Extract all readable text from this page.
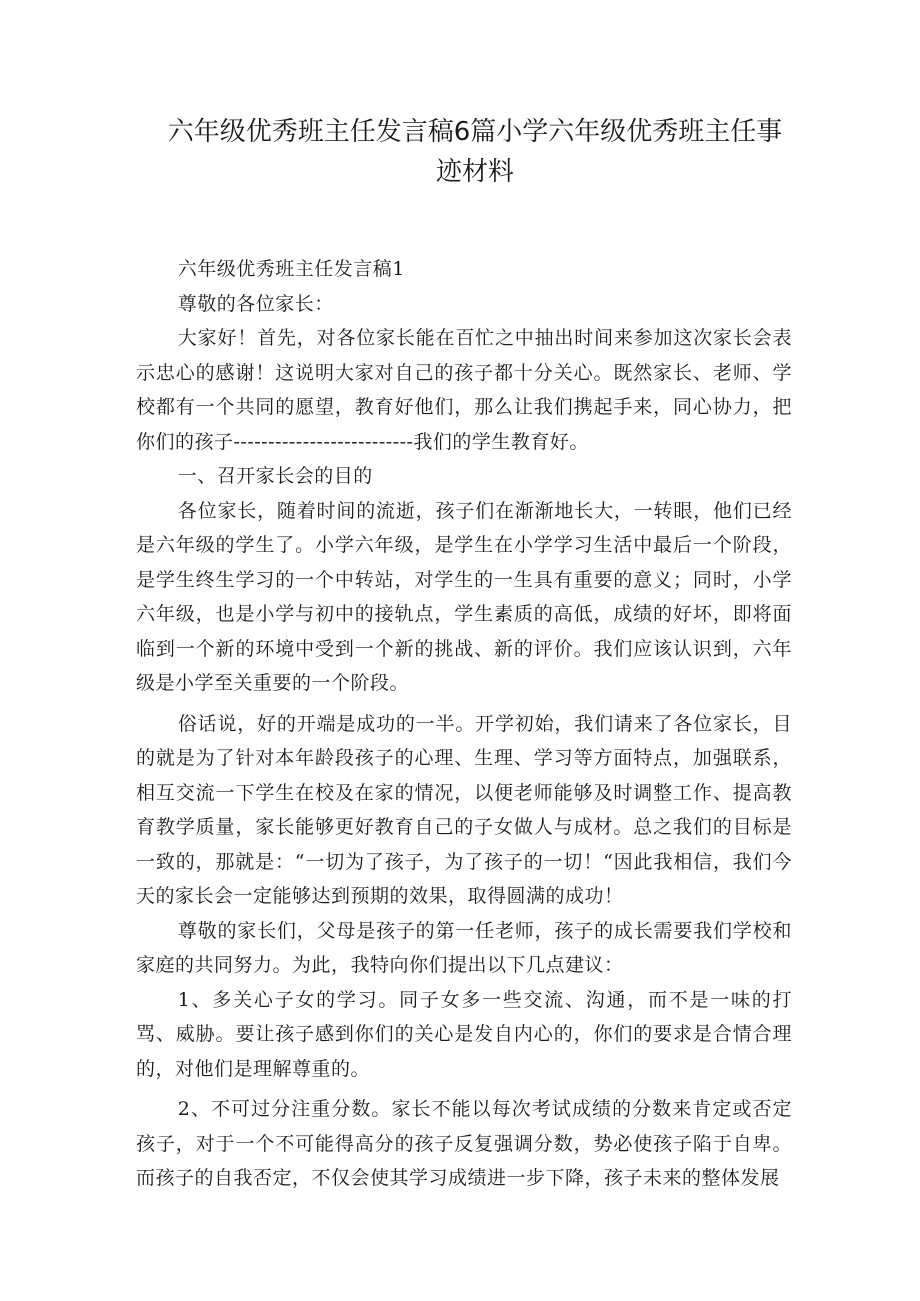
六年级优秀班主任发言稿6篇小学六年级优秀班主任事迹材料

六年级优秀班主任发言稿1

尊敬的各位家长：

大家好！首先，对各位家长能在百忙之中抽出时间来参加这次家长会表示忠心的感谢！这说明大家对自己的孩子都十分关心。既然家长、老师、学校都有一个共同的愿望，教育好他们，那么让我们携起手来，同心协力，把你们的孩子--------------------------我们的学生教育好。

一、召开家长会的目的

各位家长，随着时间的流逝，孩子们在渐渐地长大，一转眼，他们已经是六年级的学生了。小学六年级，是学生在小学学习生活中最后一个阶段，是学生终生学习的一个中转站，对学生的一生具有重要的意义；同时，小学六年级，也是小学与初中的接轨点，学生素质的高低，成绩的好坏，即将面临到一个新的环境中受到一个新的挑战、新的评价。我们应该认识到，六年级是小学至关重要的一个阶段。

俗话说，好的开端是成功的一半。开学初始，我们请来了各位家长，目的就是为了针对本年龄段孩子的心理、生理、学习等方面特点，加强联系，相互交流一下学生在校及在家的情况，以便老师能够及时调整工作、提高教育教学质量，家长能够更好教育自己的子女做人与成材。总之我们的目标是一致的，那就是：“一切为了孩子，为了孩子的一切！“因此我相信，我们今天的家长会一定能够达到预期的效果，取得圆满的成功！

尊敬的家长们，父母是孩子的第一任老师，孩子的成长需要我们学校和家庭的共同努力。为此，我特向你们提出以下几点建议：

1、多关心子女的学习。同子女多一些交流、沟通，而不是一味的打骂、威胁。要让孩子感到你们的关心是发自内心的，你们的要求是合情合理的，对他们是理解尊重的。

2、不可过分注重分数。家长不能以每次考试成绩的分数来肯定或否定孩子，对于一个不可能得高分的孩子反复强调分数，势必使孩子陷于自卑。而孩子的自我否定，不仅会使其学习成绩进一步下降，孩子未来的整体发展
